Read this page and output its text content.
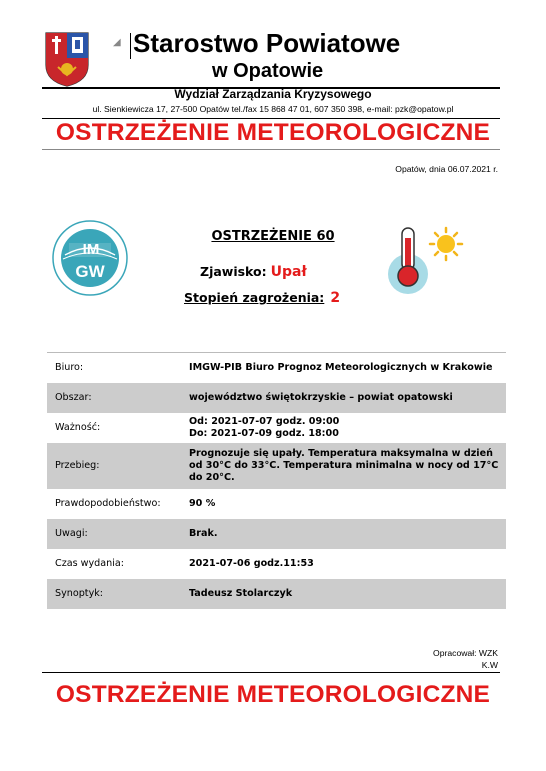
◢ Starostwo Powiatowe
w Opatowie
Wydział Zarządzania Kryzysowego
ul. Sienkiewicza 17, 27-500 Opatów tel./fax 15 868 47 01, 607 350 398, e-mail: pzk@opatow.pl
OSTRZEŻENIE METEOROLOGICZNE
Opatów, dnia 06.07.2021 r.
IM
GW
OSTRZEŻENIE 60
Zjawisko: Upał
Stopień zagrożenia: 2
Biuro:	IMGW-PIB Biuro Prognoz Meteorologicznych w Krakowie
Obszar:	województwo świętokrzyskie – powiat opatowski
Ważność:	Od: 2021-07-07 godz. 09:00
Do: 2021-07-09 godz. 18:00

Przebieg:	Prognozuje się upały. Temperatura maksymalna w dzień od 30°C do 33°C. Temperatura minimalna w nocy od 17°C do 20°C.
Prawdopodobieństwo:	90 %
Uwagi:	Brak.
Czas wydania:	2021-07-06 godz.11:53
Synoptyk:	Tadeusz Stolarczyk
Opracował: WZK
K.W
OSTRZEŻENIE METEOROLOGICZNE
